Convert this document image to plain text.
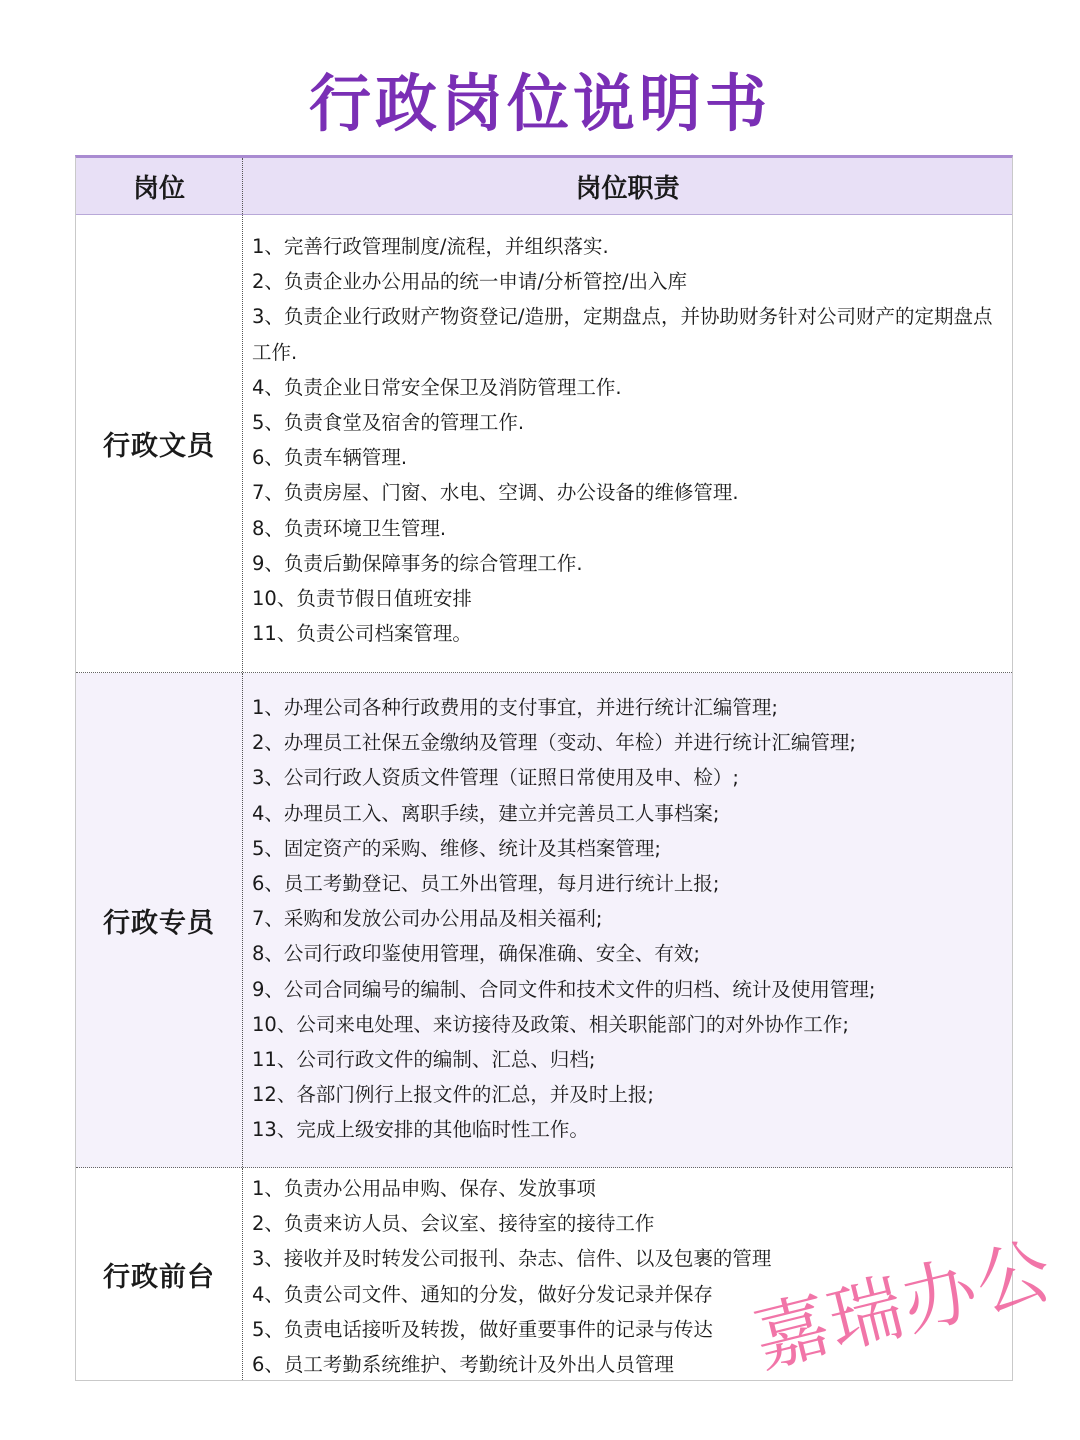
行政岗位说明书
岗位	岗位职责
行政文员
1、完善行政管理制度/流程，并组织落实.
2、负责企业办公用品的统一申请/分析管控/出入库
3、负责企业行政财产物资登记/造册，定期盘点，并协助财务针对公司财产的定期盘点工作.
4、负责企业日常安全保卫及消防管理工作.
5、负责食堂及宿舍的管理工作.
6、负责车辆管理.
7、负责房屋、门窗、水电、空调、办公设备的维修管理.
8、负责环境卫生管理.
9、负责后勤保障事务的综合管理工作.
10、负责节假日值班安排
11、负责公司档案管理。
行政专员
1、办理公司各种行政费用的支付事宜，并进行统计汇编管理;
2、办理员工社保五金缴纳及管理（变动、年检）并进行统计汇编管理;
3、公司行政人资质文件管理（证照日常使用及申、检）;
4、办理员工入、离职手续，建立并完善员工人事档案;
5、固定资产的采购、维修、统计及其档案管理;
6、员工考勤登记、员工外出管理，每月进行统计上报;
7、采购和发放公司办公用品及相关福利;
8、公司行政印鉴使用管理，确保准确、安全、有效;
9、公司合同编号的编制、合同文件和技术文件的归档、统计及使用管理;
10、公司来电处理、来访接待及政策、相关职能部门的对外协作工作;
11、公司行政文件的编制、汇总、归档;
12、各部门例行上报文件的汇总，并及时上报;
13、完成上级安排的其他临时性工作。
行政前台
1、负责办公用品申购、保存、发放事项
2、负责来访人员、会议室、接待室的接待工作
3、接收并及时转发公司报刊、杂志、信件、以及包裹的管理
4、负责公司文件、通知的分发，做好分发记录并保存
5、负责电话接听及转拨，做好重要事件的记录与传达
6、员工考勤系统维护、考勤统计及外出人员管理 嘉瑞办公
